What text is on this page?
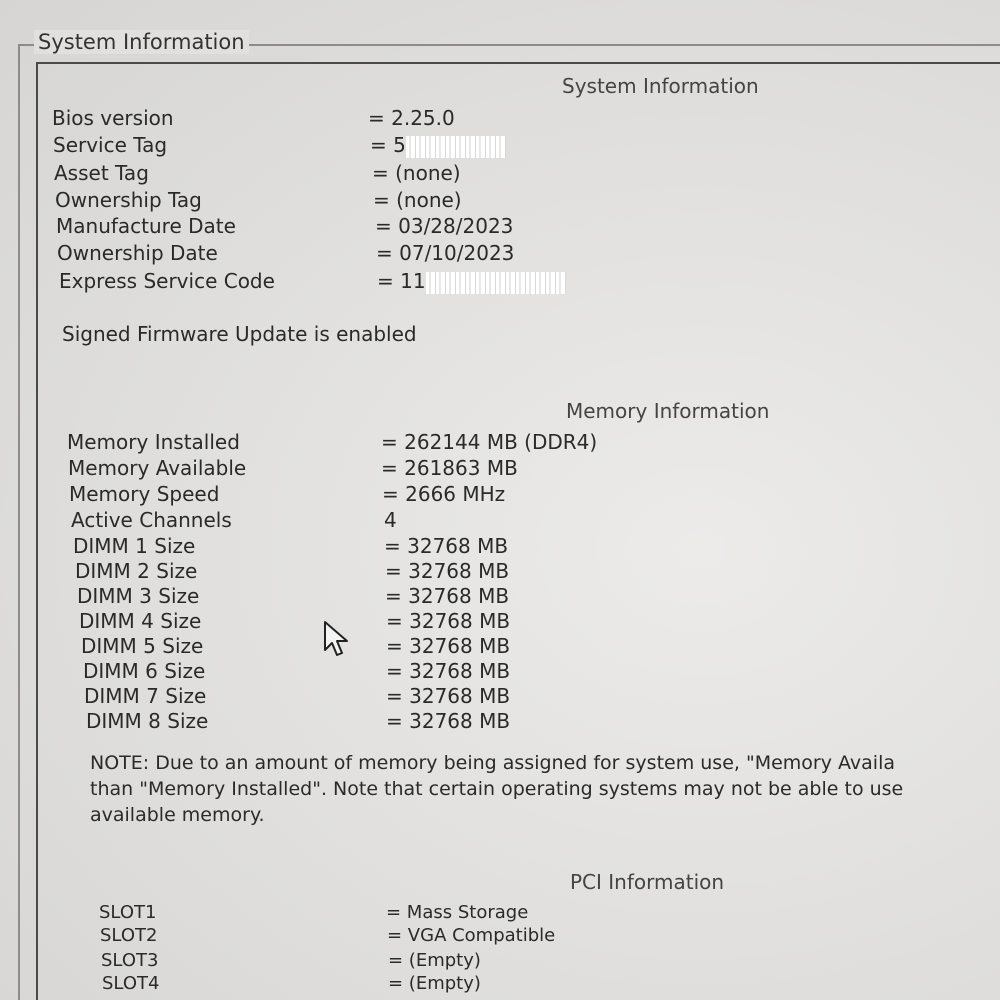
System Information
System Information
Bios version	= 2.25.0
Service Tag	= 5
Asset Tag	= (none)
Ownership Tag	= (none)
Manufacture Date	= 03/28/2023
Ownership Date	= 07/10/2023
Express Service Code	= 11
Signed Firmware Update is enabled
Memory Information
Memory Installed	= 262144 MB (DDR4)
Memory Available	= 261863 MB
Memory Speed	= 2666 MHz
Active Channels	4
DIMM 1 Size	= 32768 MB
DIMM 2 Size	= 32768 MB
DIMM 3 Size	= 32768 MB
DIMM 4 Size	= 32768 MB
DIMM 5 Size	= 32768 MB
DIMM 6 Size	= 32768 MB
DIMM 7 Size	= 32768 MB
DIMM 8 Size	= 32768 MB
NOTE: Due to an amount of memory being assigned for system use, "Memory Availa
than "Memory Installed". Note that certain operating systems may not be able to use
available memory.
PCI Information
SLOT1	= Mass Storage
SLOT2	= VGA Compatible
SLOT3	= (Empty)
SLOT4	= (Empty)
